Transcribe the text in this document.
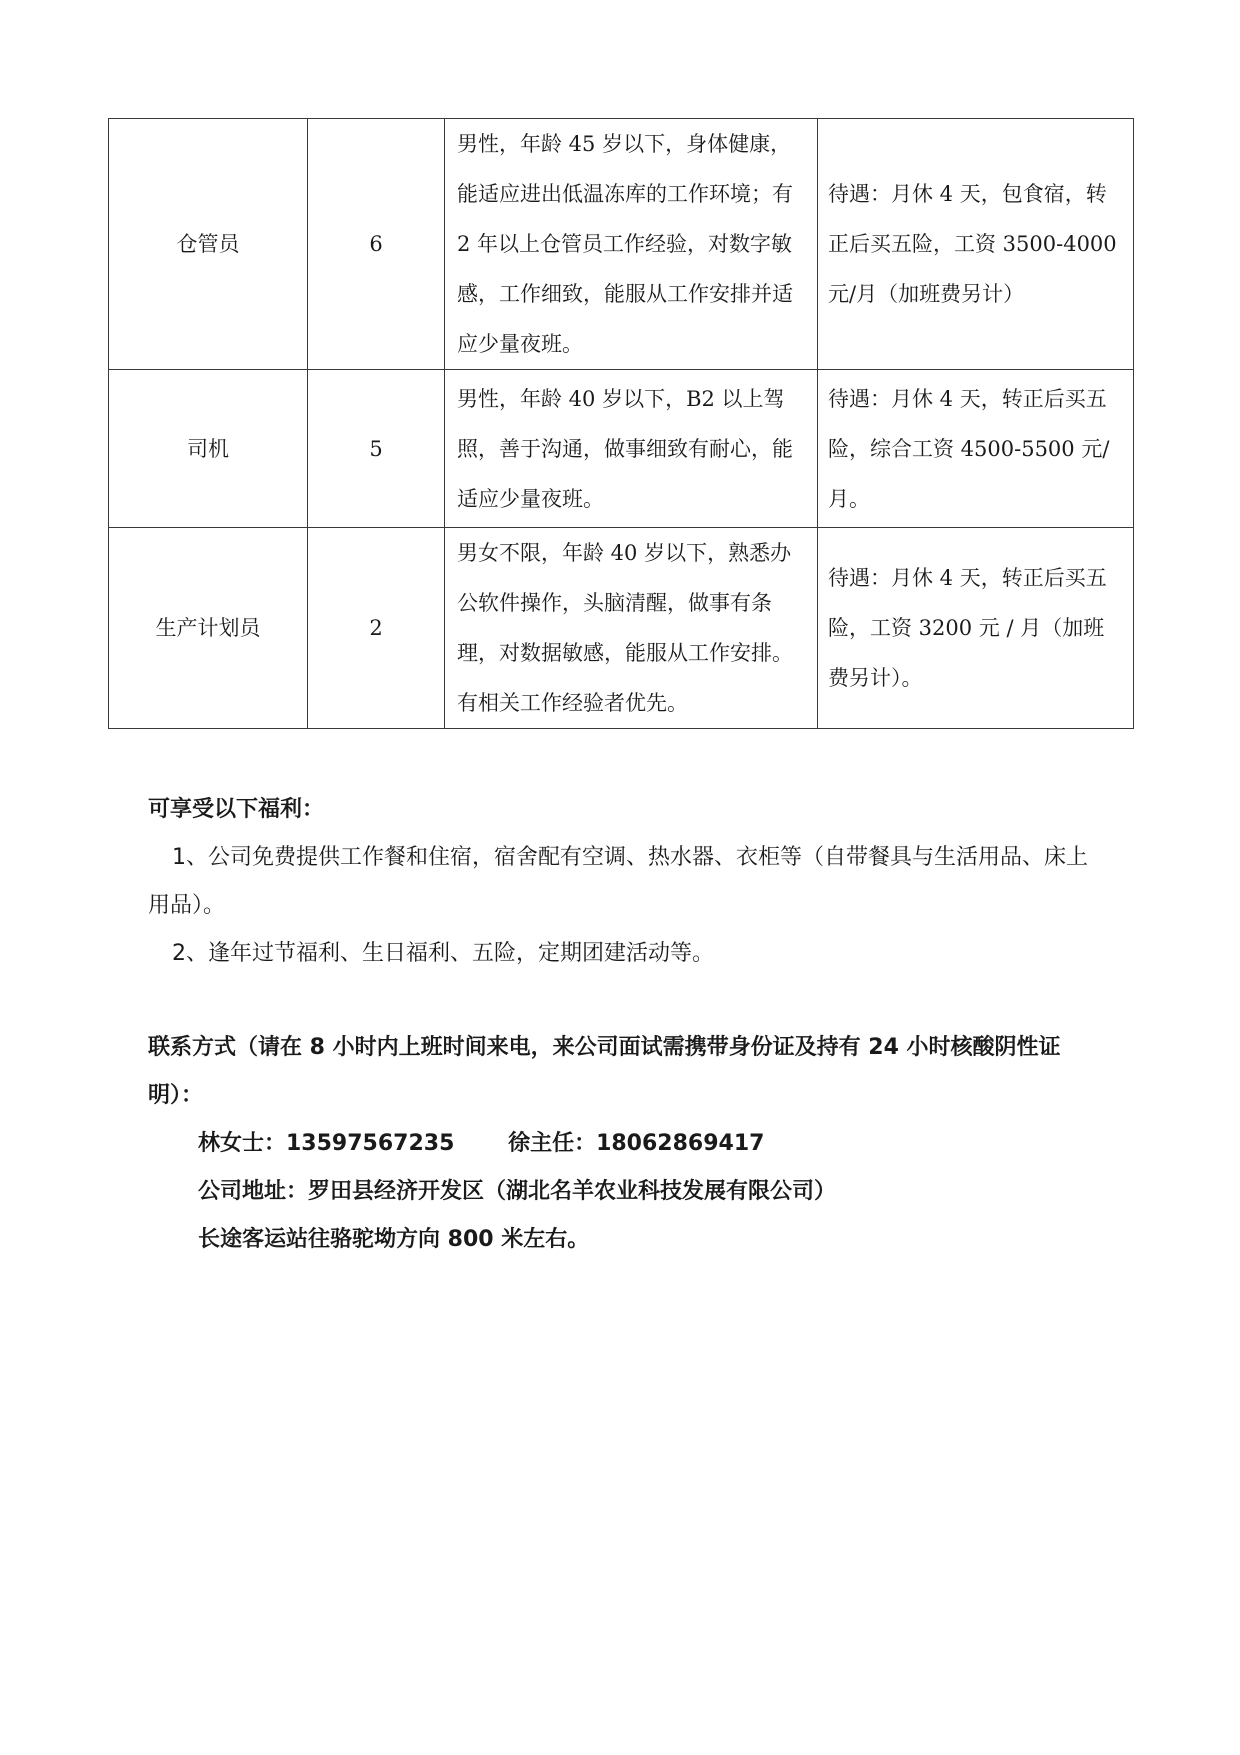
仓管员	6	男性，年龄 45 岁以下，身体健康，能适应进出低温冻库的工作环境；有 2 年以上仓管员工作经验，对数字敏感，工作细致，能服从工作安排并适应少量夜班。	待遇：月休 4 天，包食宿，转正后买五险，工资 3500-4000 元/月（加班费另计）
司机	5	男性，年龄 40 岁以下，B2 以上驾照，善于沟通，做事细致有耐心，能适应少量夜班。	待遇：月休 4 天，转正后买五险，综合工资 4500-5500 元/月。
生产计划员	2	男女不限，年龄 40 岁以下，熟悉办公软件操作，头脑清醒，做事有条理，对数据敏感，能服从工作安排。有相关工作经验者优先。	待遇：月休 4 天，转正后买五险，工资 3200 元 / 月（加班费另计）。
可享受以下福利：
1、公司免费提供工作餐和住宿，宿舍配有空调、热水器、衣柜等（自带餐具与生活用品、床上用品）。
2、逢年过节福利、生日福利、五险，定期团建活动等。
联系方式（请在 8 小时内上班时间来电，来公司面试需携带身份证及持有 24 小时核酸阴性证明）：
林女士：13597567235 徐主任：18062869417
公司地址：罗田县经济开发区（湖北名羊农业科技发展有限公司）
长途客运站往骆驼坳方向 800 米左右。
